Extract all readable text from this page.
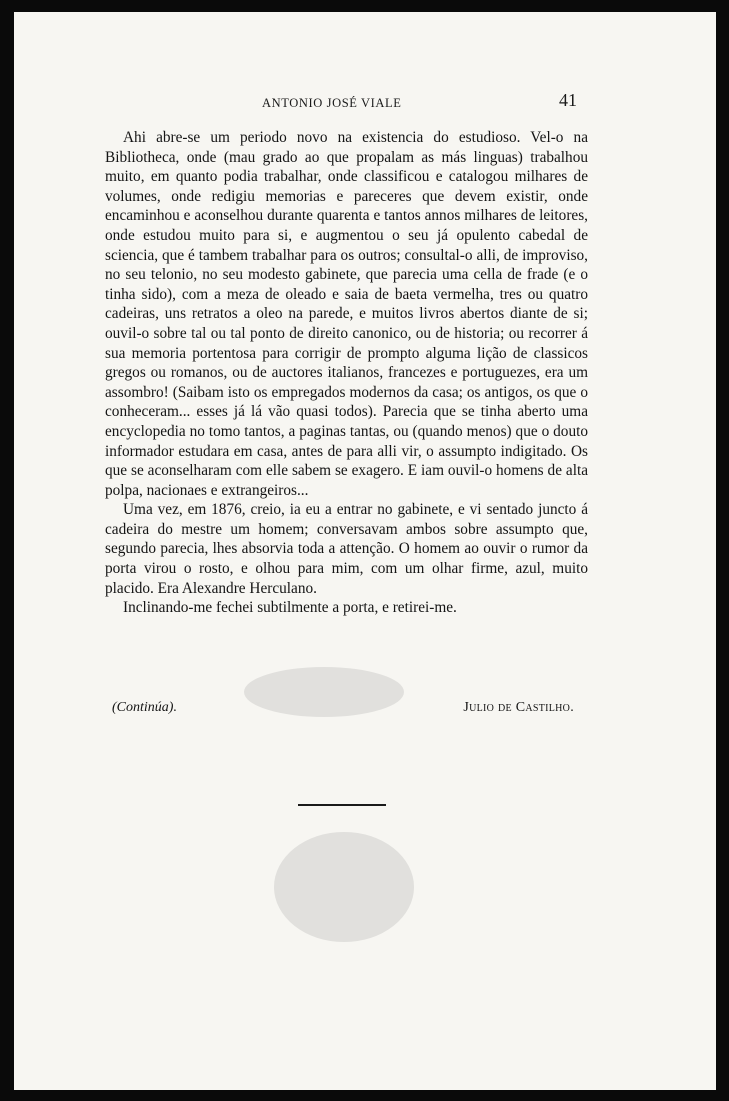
ANTONIO JOSÉ VIALE	41

Ahi abre-se um periodo novo na existencia do estudioso. Vel-o na Bibliotheca, onde (mau grado ao que propalam as más linguas) trabalhou muito, em quanto podia trabalhar, onde classificou e catalogou milhares de volumes, onde redigiu memorias e pareceres que devem existir, onde encaminhou e aconselhou durante quarenta e tantos annos milhares de leitores, onde estudou muito para si, e augmentou o seu já opulento cabedal de sciencia, que é tambem trabalhar para os outros; consultal-o alli, de improviso, no seu telonio, no seu modesto gabinete, que parecia uma cella de frade (e o tinha sido), com a meza de oleado e saia de baeta vermelha, tres ou quatro cadeiras, uns retratos a oleo na parede, e muitos livros abertos diante de si; ouvil-o sobre tal ou tal ponto de direito canonico, ou de historia; ou recorrer á sua memoria portentosa para corrigir de prompto alguma lição de classicos gregos ou romanos, ou de auctores italianos, francezes e portuguezes, era um assombro! (Saibam isto os empregados modernos da casa; os antigos, os que o conheceram... esses já lá vão quasi todos). Parecia que se tinha aberto uma encyclopedia no tomo tantos, a paginas tantas, ou (quando menos) que o douto informador estudara em casa, antes de para alli vir, o assumpto indigitado. Os que se aconselharam com elle sabem se exagero. E iam ouvil-o homens de alta polpa, nacionaes e extrangeiros...

Uma vez, em 1876, creio, ia eu a entrar no gabinete, e vi sentado juncto á cadeira do mestre um homem; conversavam ambos sobre assumpto que, segundo parecia, lhes absorvia toda a attenção. O homem ao ouvir o rumor da porta virou o rosto, e olhou para mim, com um olhar firme, azul, muito placido. Era Alexandre Herculano.

Inclinando-me fechei subtilmente a porta, e retirei-me.

(Continúa).	Julio de Castilho.
